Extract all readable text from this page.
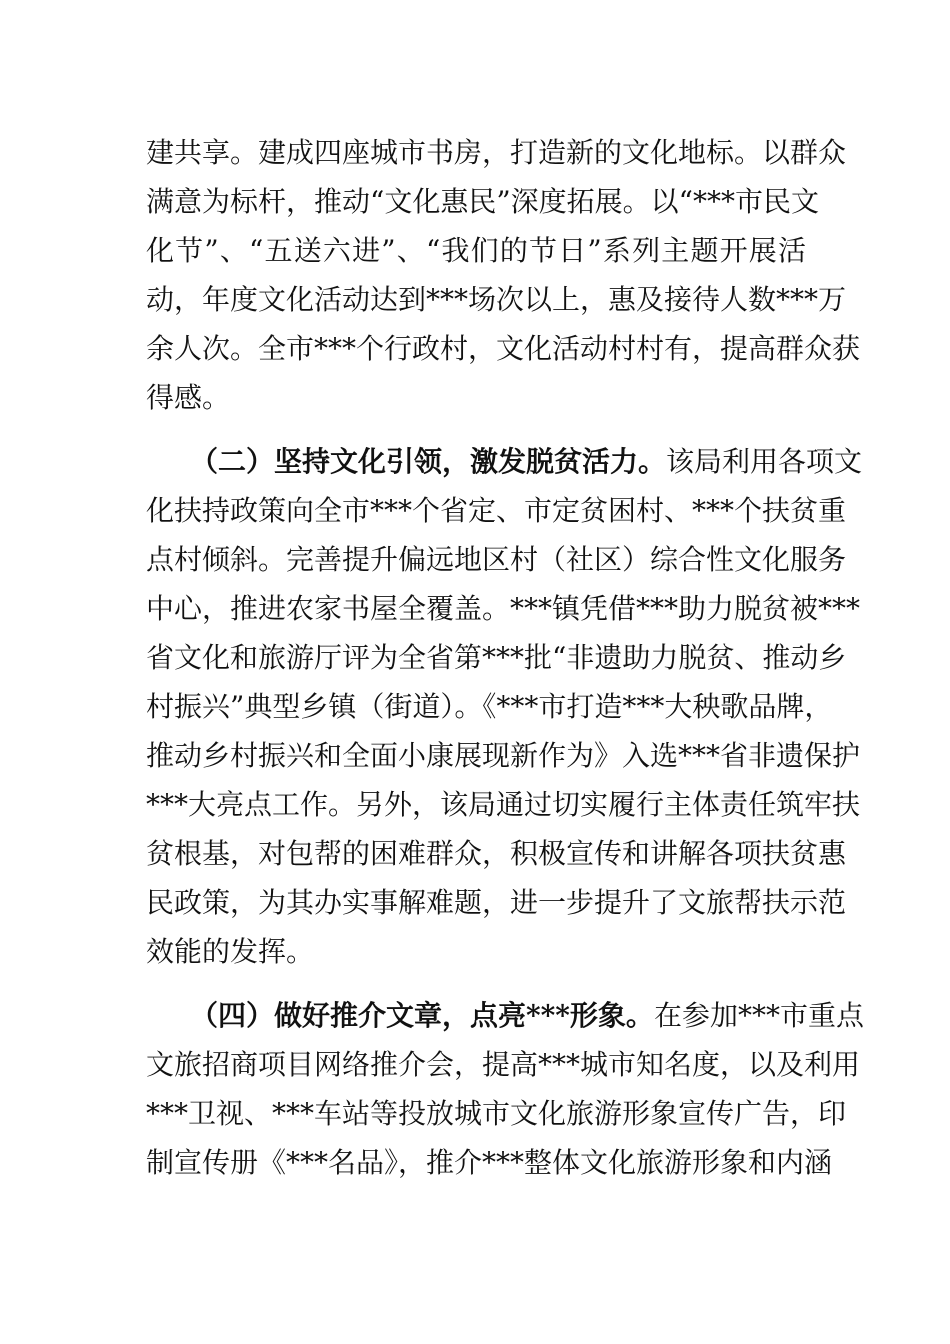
建共享。建成四座城市书房，打造新的文化地标。以群众
满意为标杆，推动“文化惠民”深度拓展。以“***市民文
化节”、“五送六进”、“我们的节日”系列主题开展活
动，年度文化活动达到***场次以上，惠及接待人数***万
余人次。全市***个行政村，文化活动村村有，提高群众获
得感。
（二）坚持文化引领，激发脱贫活力。该局利用各项文
化扶持政策向全市***个省定、市定贫困村、***个扶贫重
点村倾斜。完善提升偏远地区村（社区）综合性文化服务
中心，推进农家书屋全覆盖。***镇凭借***助力脱贫被***
省文化和旅游厅评为全省第***批“非遗助力脱贫、推动乡
村振兴”典型乡镇（街道）。《***市打造***大秧歌品牌，
推动乡村振兴和全面小康展现新作为》入选***省非遗保护
***大亮点工作。另外，该局通过切实履行主体责任筑牢扶
贫根基，对包帮的困难群众，积极宣传和讲解各项扶贫惠
民政策，为其办实事解难题，进一步提升了文旅帮扶示范
效能的发挥。
（四）做好推介文章，点亮***形象。在参加***市重点
文旅招商项目网络推介会，提高***城市知名度，以及利用
***卫视、***车站等投放城市文化旅游形象宣传广告，印
制宣传册《***名品》，推介***整体文化旅游形象和内涵
